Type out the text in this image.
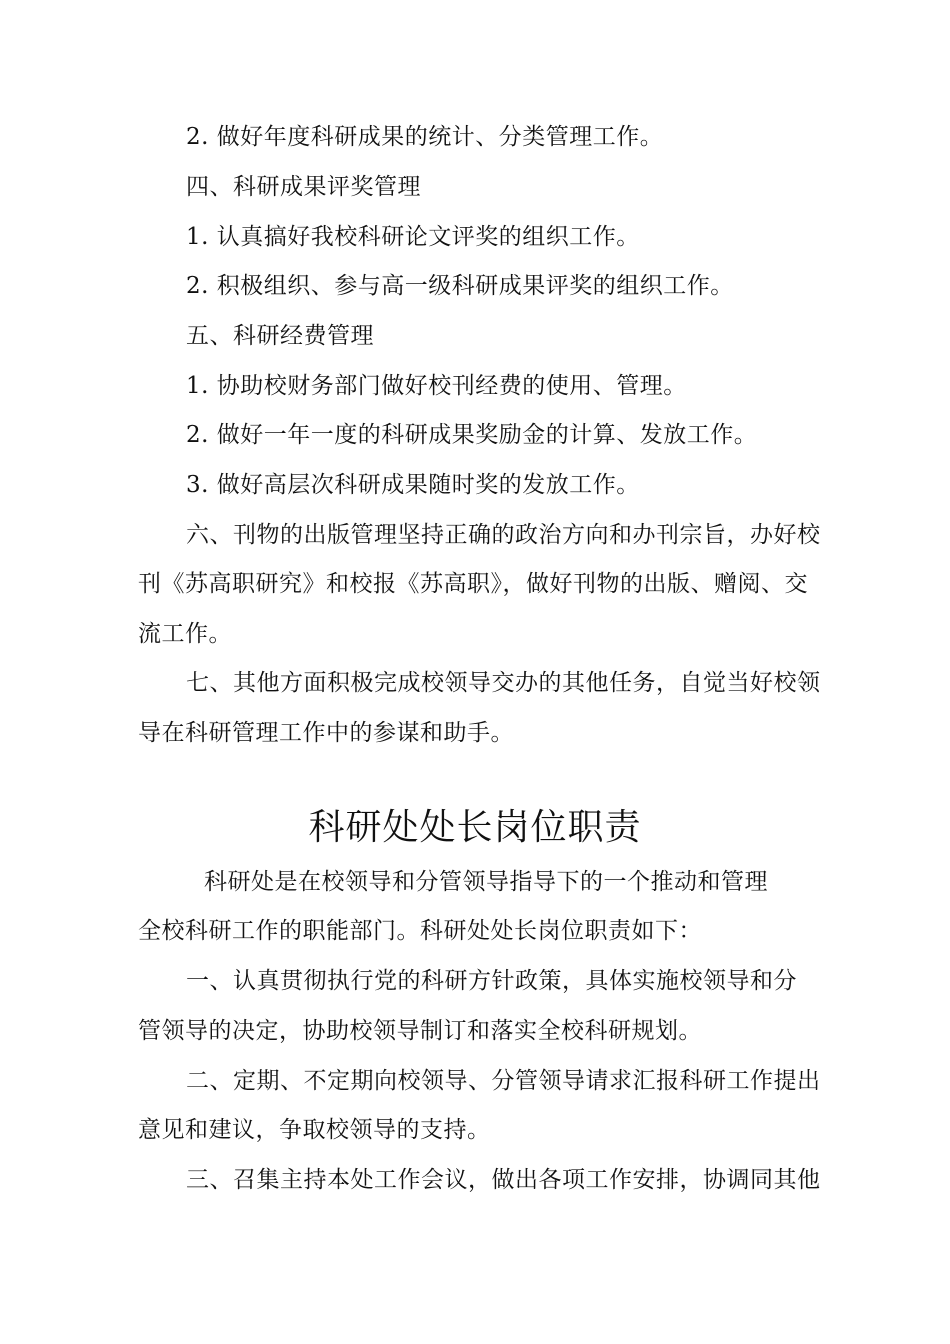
2. 做好年度科研成果的统计、分类管理工作。
四、科研成果评奖管理
1. 认真搞好我校科研论文评奖的组织工作。
2. 积极组织、参与高一级科研成果评奖的组织工作。
五、科研经费管理
1. 协助校财务部门做好校刊经费的使用、管理。
2. 做好一年一度的科研成果奖励金的计算、发放工作。
3. 做好高层次科研成果随时奖的发放工作。
六、刊物的出版管理坚持正确的政治方向和办刊宗旨，办好校
刊《苏高职研究》和校报《苏高职》，做好刊物的出版、赠阅、交
流工作。
七、其他方面积极完成校领导交办的其他任务，自觉当好校领
导在科研管理工作中的参谋和助手。
科研处处长岗位职责
科研处是在校领导和分管领导指导下的一个推动和管理
全校科研工作的职能部门。科研处处长岗位职责如下：
一、认真贯彻执行党的科研方针政策，具体实施校领导和分
管领导的决定，协助校领导制订和落实全校科研规划。
二、定期、不定期向校领导、分管领导请求汇报科研工作提出
意见和建议，争取校领导的支持。
三、召集主持本处工作会议，做出各项工作安排，协调同其他
